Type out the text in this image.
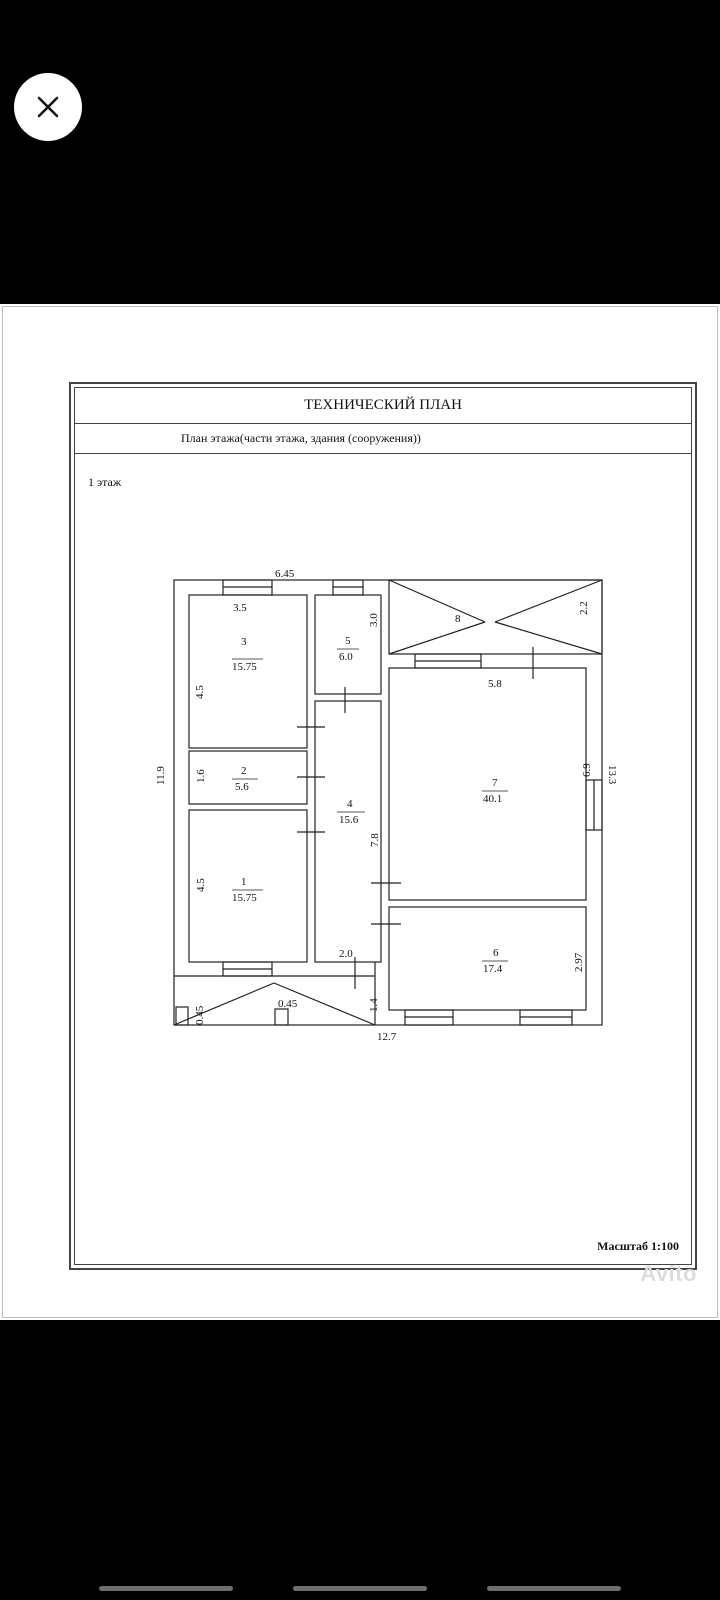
ТЕХНИЧЕСКИЙ ПЛАН
План этажа(части этажа, здания (сооружения))
1 этаж
Масштаб 1:100
6.45
11.9
12.7
13.3
3.5
3
15.75
4.5
2
5.6
1.6
1
15.75
4.5
5
6.0
3.0
4
15.6
7.8
2.0
8
2.2
5.8
7
40.1
6.9
6
17.4	2.97
0.45
0.45	1.4
Avito
